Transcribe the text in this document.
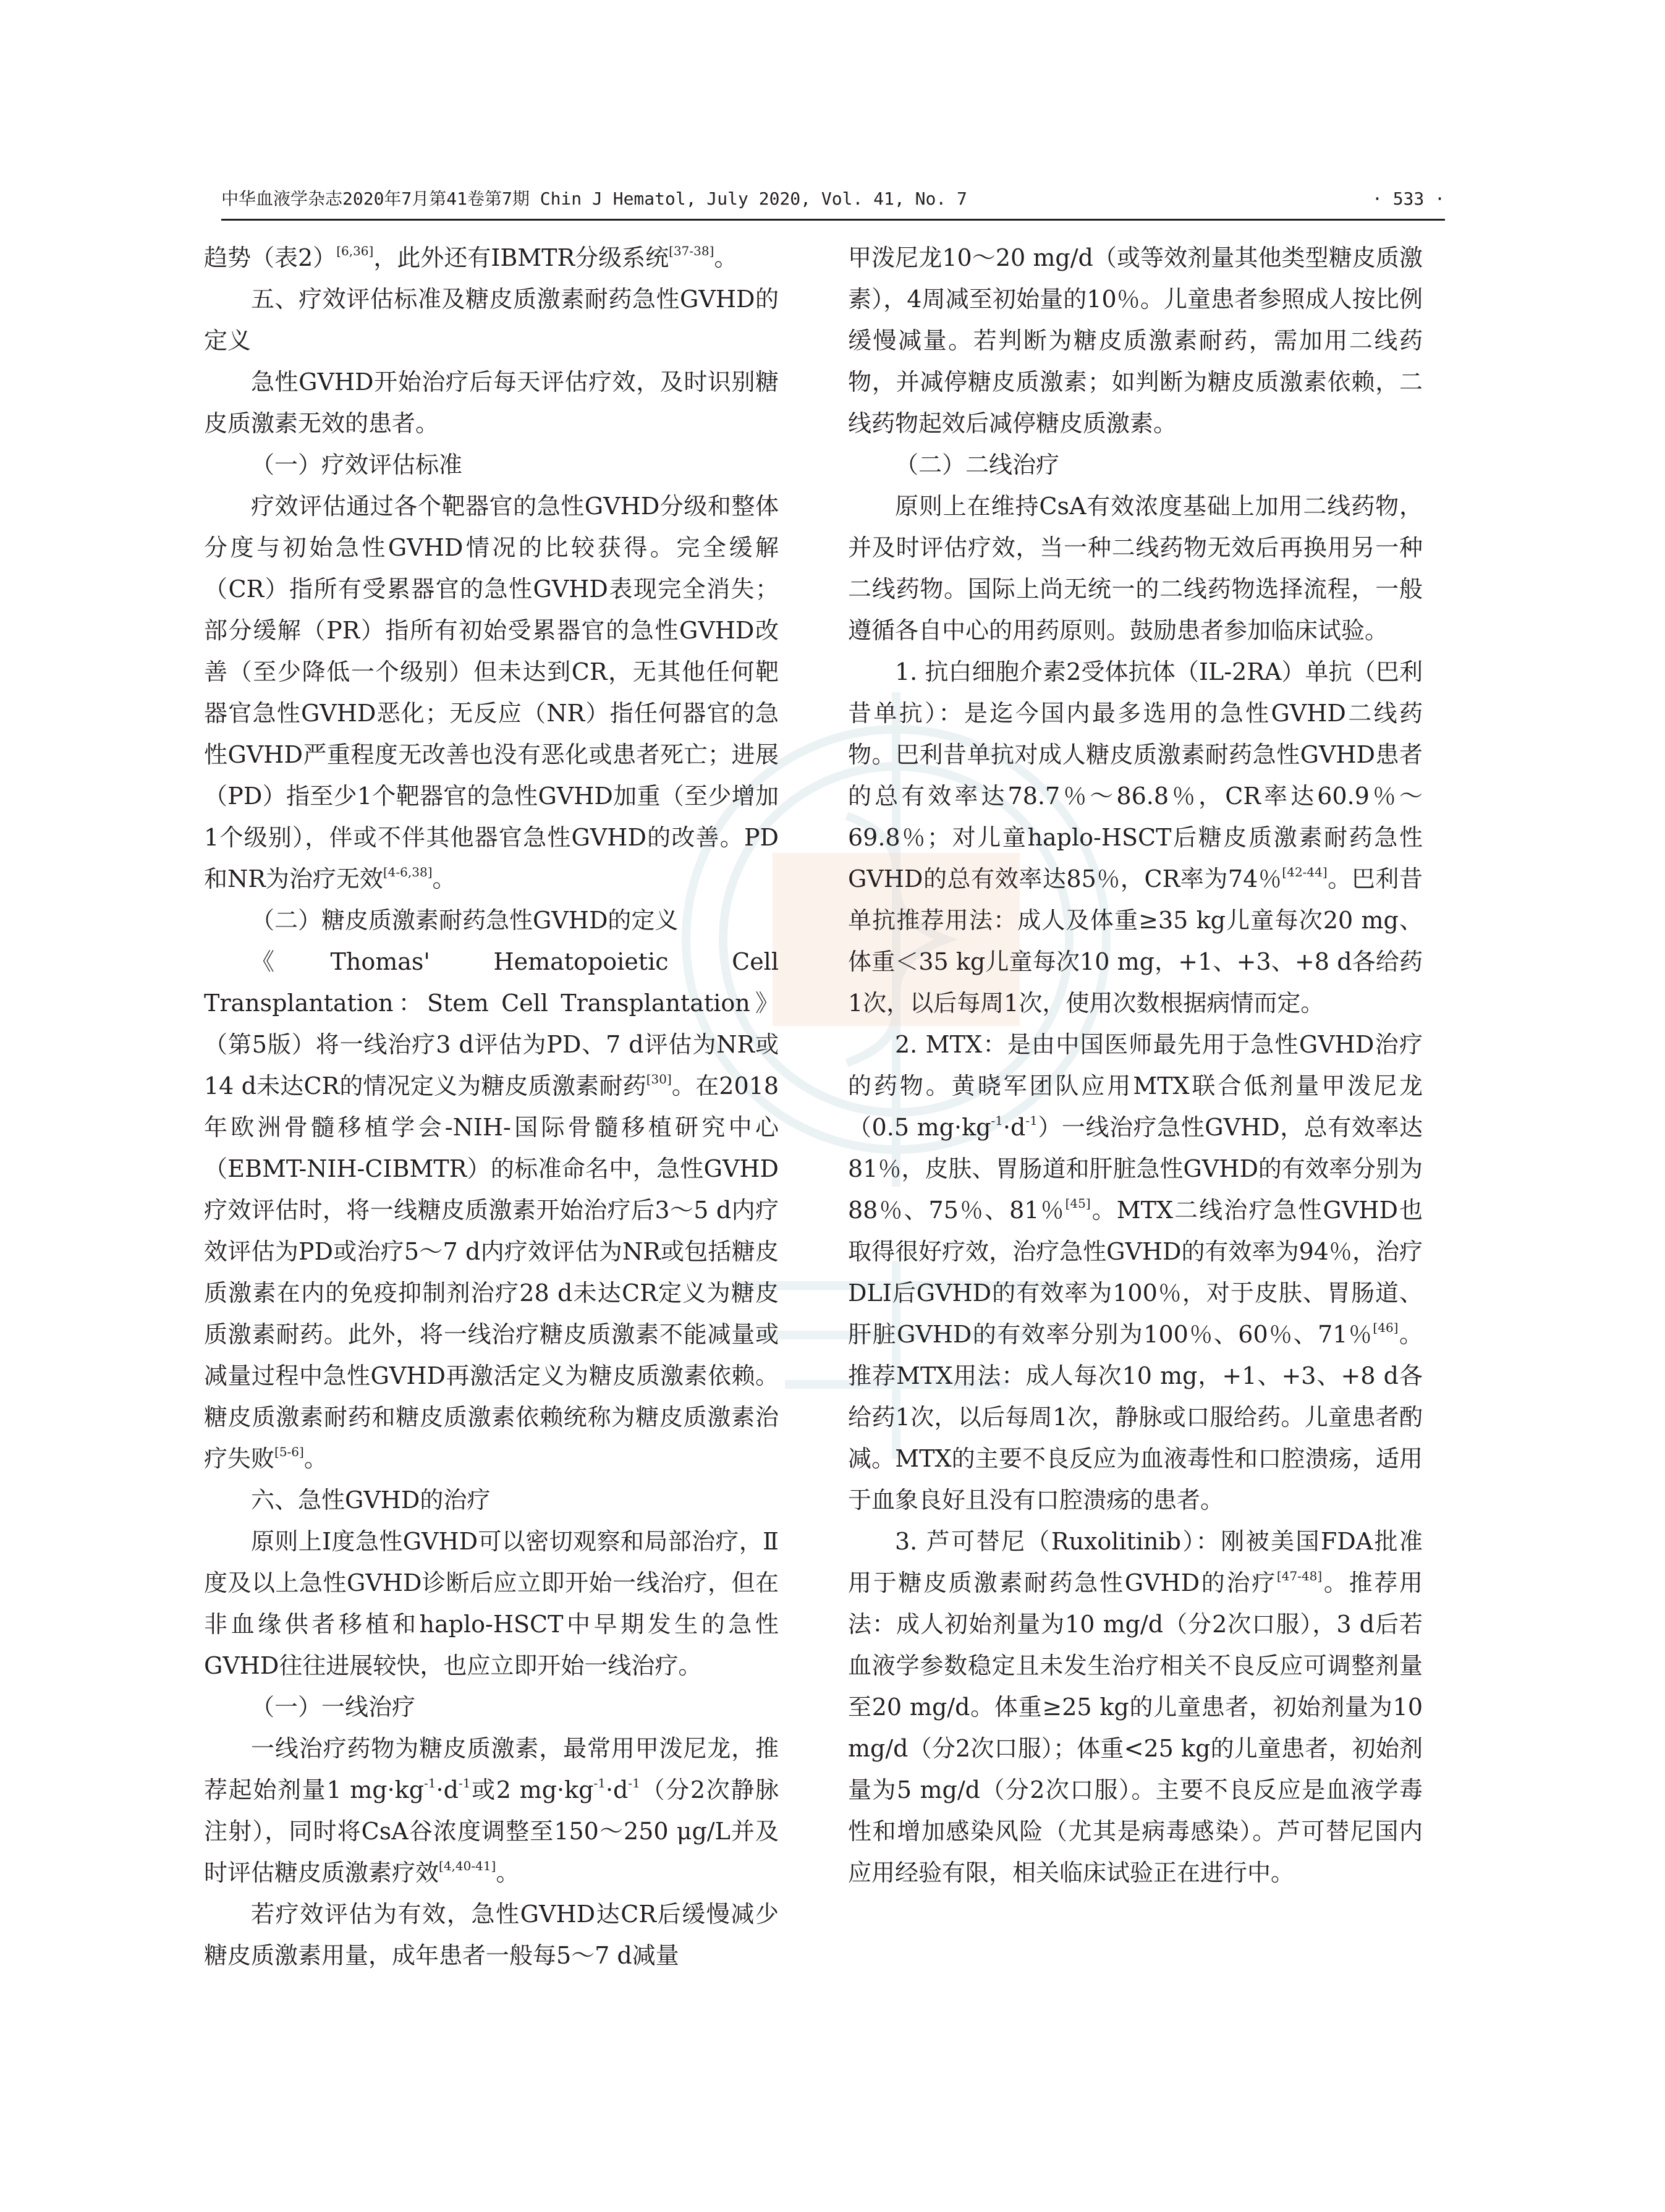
中华血液学杂志2020年7月第41卷第7期 Chin J Hematol, July 2020, Vol. 41, No. 7	· 533 ·

趋势（表2）[6,36]，此外还有IBMTR分级系统[37-38]。

五、疗效评估标准及糖皮质激素耐药急性GVHD的定义

急性GVHD开始治疗后每天评估疗效，及时识别糖皮质激素无效的患者。

（一）疗效评估标准

疗效评估通过各个靶器官的急性GVHD分级和整体分度与初始急性GVHD情况的比较获得。完全缓解（CR）指所有受累器官的急性GVHD表现完全消失；部分缓解（PR）指所有初始受累器官的急性GVHD改善（至少降低一个级别）但未达到CR，无其他任何靶器官急性GVHD恶化；无反应（NR）指任何器官的急性GVHD严重程度无改善也没有恶化或患者死亡；进展（PD）指至少1个靶器官的急性GVHD加重（至少增加1个级别），伴或不伴其他器官急性GVHD的改善。PD和NR为治疗无效[4-6,38]。

（二）糖皮质激素耐药急性GVHD的定义

《Thomas' Hematopoietic Cell Transplantation：Stem Cell Transplantation》（第5版）将一线治疗3 d评估为PD、7 d评估为NR或14 d未达CR的情况定义为糖皮质激素耐药[30]。在2018年欧洲骨髓移植学会-NIH-国际骨髓移植研究中心（EBMT-NIH-CIBMTR）的标准命名中，急性GVHD疗效评估时，将一线糖皮质激素开始治疗后3～5 d内疗效评估为PD或治疗5～7 d内疗效评估为NR或包括糖皮质激素在内的免疫抑制剂治疗28 d未达CR定义为糖皮质激素耐药。此外，将一线治疗糖皮质激素不能减量或减量过程中急性GVHD再激活定义为糖皮质激素依赖。糖皮质激素耐药和糖皮质激素依赖统称为糖皮质激素治疗失败[5-6]。

六、急性GVHD的治疗

原则上Ⅰ度急性GVHD可以密切观察和局部治疗，Ⅱ度及以上急性GVHD诊断后应立即开始一线治疗，但在非血缘供者移植和haplo-HSCT中早期发生的急性GVHD往往进展较快，也应立即开始一线治疗。

（一）一线治疗

一线治疗药物为糖皮质激素，最常用甲泼尼龙，推荐起始剂量1 $mg\cdot kg^{-1}\cdot d^{-1}$或2 $mg\cdot kg^{-1}\cdot d^{-1}$（分2次静脉注射），同时将CsA谷浓度调整至150～250 μg/L并及时评估糖皮质激素疗效[4,40-41]。

若疗效评估为有效，急性GVHD达CR后缓慢减少糖皮质激素用量，成年患者一般每5～7 d减量

甲泼尼龙10～20 mg/d（或等效剂量其他类型糖皮质激素），4周减至初始量的10％。儿童患者参照成人按比例缓慢减量。若判断为糖皮质激素耐药，需加用二线药物，并减停糖皮质激素；如判断为糖皮质激素依赖，二线药物起效后减停糖皮质激素。

（二）二线治疗

原则上在维持CsA有效浓度基础上加用二线药物，并及时评估疗效，当一种二线药物无效后再换用另一种二线药物。国际上尚无统一的二线药物选择流程，一般遵循各自中心的用药原则。鼓励患者参加临床试验。

1. 抗白细胞介素2受体抗体（IL-2RA）单抗（巴利昔单抗）：是迄今国内最多选用的急性GVHD二线药物。巴利昔单抗对成人糖皮质激素耐药急性GVHD患者的总有效率达78.7％～86.8％，CR率达60.9％～69.8％；对儿童haplo-HSCT后糖皮质激素耐药急性GVHD的总有效率达85％，CR率为74％[42-44]。巴利昔单抗推荐用法：成人及体重≥35 kg儿童每次20 mg、体重＜35 kg儿童每次10 mg，+1、+3、+8 d各给药1次，以后每周1次，使用次数根据病情而定。

2. MTX：是由中国医师最先用于急性GVHD治疗的药物。黄晓军团队应用MTX联合低剂量甲泼尼龙（0.5 $mg\cdot kg^{-1}\cdot d^{-1}$）一线治疗急性GVHD，总有效率达81％，皮肤、胃肠道和肝脏急性GVHD的有效率分别为88％、75％、81％[45]。MTX二线治疗急性GVHD也取得很好疗效，治疗急性GVHD的有效率为94％，治疗DLI后GVHD的有效率为100％，对于皮肤、胃肠道、肝脏GVHD的有效率分别为100％、60％、71％[46]。推荐MTX用法：成人每次10 mg，+1、+3、+8 d各给药1次，以后每周1次，静脉或口服给药。儿童患者酌减。MTX的主要不良反应为血液毒性和口腔溃疡，适用于血象良好且没有口腔溃疡的患者。

3. 芦可替尼（Ruxolitinib）：刚被美国FDA批准用于糖皮质激素耐药急性GVHD的治疗[47-48]。推荐用法：成人初始剂量为10 mg/d（分2次口服），3 d后若血液学参数稳定且未发生治疗相关不良反应可调整剂量至20 mg/d。体重≥25 kg的儿童患者，初始剂量为10 mg/d（分2次口服）；体重<25 kg的儿童患者，初始剂量为5 mg/d（分2次口服）。主要不良反应是血液学毒性和增加感染风险（尤其是病毒感染）。芦可替尼国内应用经验有限，相关临床试验正在进行中。
